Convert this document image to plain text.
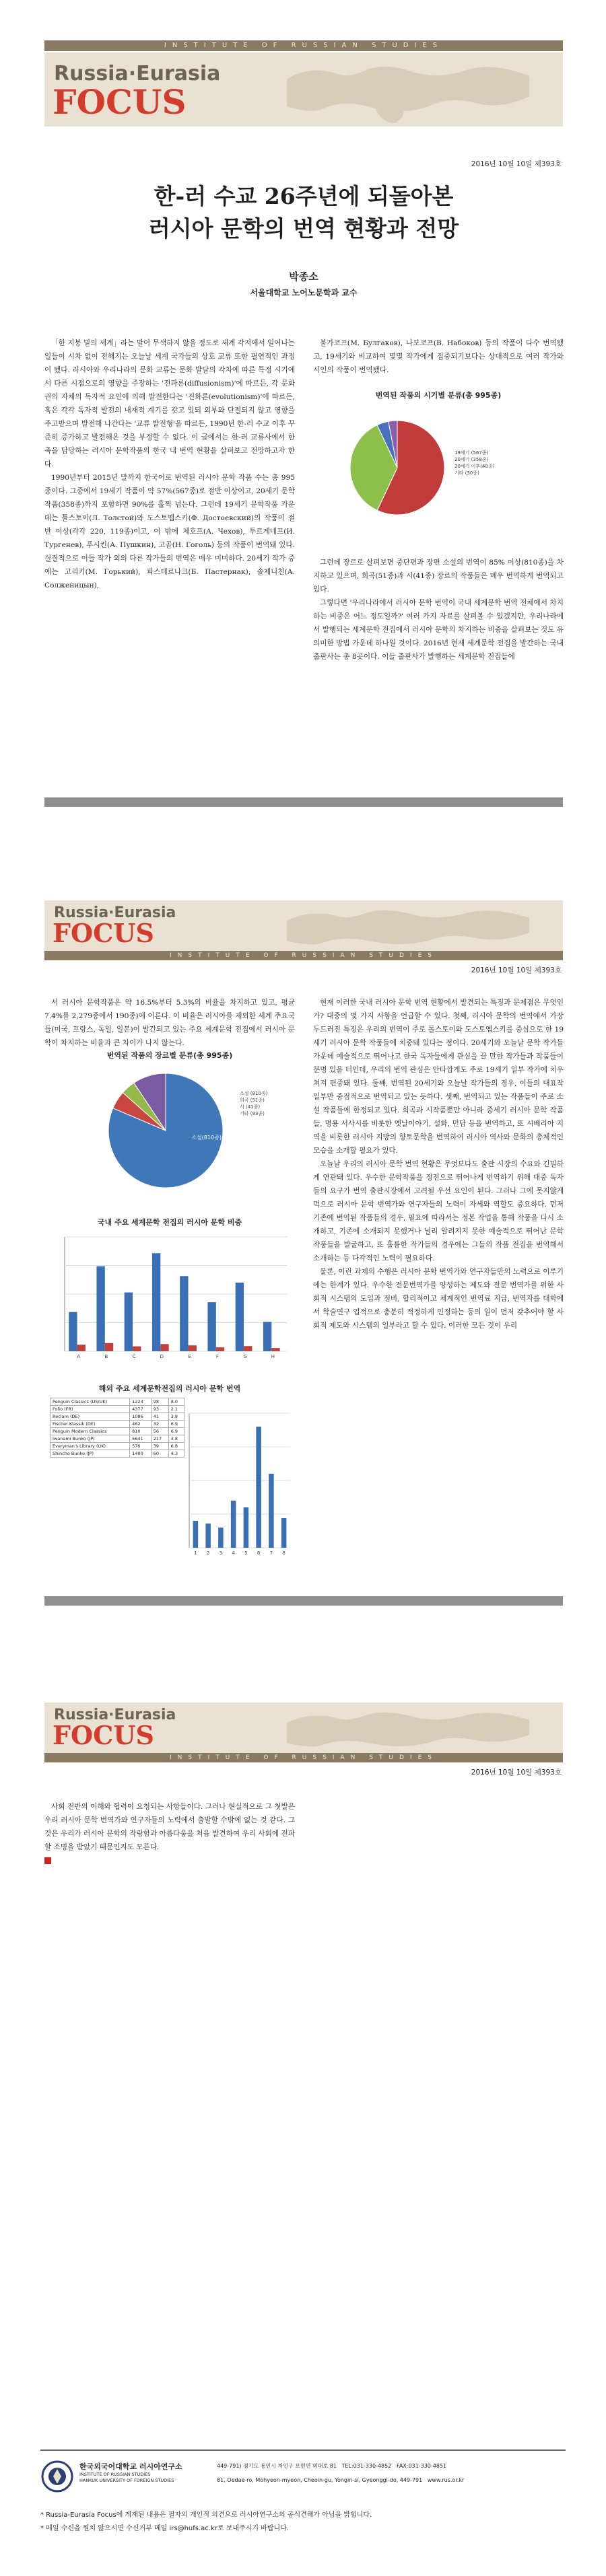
INSTITUTE OF RUSSIAN STUDIES
Russia·Eurasia
FOCUS
2016년 10월 10일 제393호
한-러 수교 26주년에 되돌아본
러시아 문학의 번역 현황과 전망
박종소
서울대학교 노어노문학과 교수

「한 지붕 밑의 세계」라는 말이 무색하지 않을 정도로 세계 각지에서 일어나는 일들이 시차 없이 전해지는 오늘날 세계 국가들의 상호 교류 또한 필연적인 과정이 됐다. 러시아와 우리나라의 문화 교류는 문화 발달의 각차에 따른 특정 시기에서 다른 시점으로의 영향을 주장하는 '전파론(diffusionism)'에 따르든, 각 문화권의 자체의 독자적 요인에 의해 발전한다는 '진화론(evolutionism)'에 따르든, 혹은 각각 독자적 발전의 내재적 계기를 갖고 있되 외부와 단절되지 않고 영향을 주고받으며 발전해 나간다는 '교류 발전형'을 따르든, 1990년 한-러 수교 이후 꾸준히 증가하고 발전해온 것을 부정할 수 없다. 이 글에서는 한-러 교류사에서 한 축을 담당하는 러시아 문학작품의 한국 내 번역 현황을 살펴보고 전망하고자 한다.

1990년부터 2015년 말까지 한국어로 번역된 러시아 문학 작품 수는 총 995종이다. 그중에서 19세기 작품이 약 57%(567종)로 절반 이상이고, 20세기 문학 작품(358종)까지 포함하면 90%를 훌쩍 넘는다. 그런데 19세기 문학작품 가운데는 톨스토이(Л. Толстой)와 도스토옙스키(Ф. Достоевский)의 작품이 절반 이상(각각 220, 119종)이고, 이 밖에 체호프(А. Чехов), 투르게네프(И. Тургенев), 푸시킨(А. Пушкин), 고골(Н. Гоголь) 등의 작품이 번역돼 있다. 실질적으로 이들 작가 외의 다른 작가들의 번역은 매우 미미하다. 20세기 작가 중에는 고리키(М. Горький), 파스테르나크(Б. Пастернак), 솔제니친(А. Солженицын),

불가코프(М. Булгаков), 나보코프(В. Набоков) 등의 작품이 다수 번역됐고, 19세기와 비교하여 몇몇 작가에게 집중되기보다는 상대적으로 여러 작가와 시인의 작품이 번역됐다.

번역된 작품의 시기별 분류(총 995종)
19세기 (567종)
20세기 (358종)
20세기 이후(40종)
기타 (30종)

그런데 장르로 살펴보면 중단편과 장편 소설의 번역이 85% 이상(810종)을 차지하고 있으며, 희곡(51종)과 시(41종) 장르의 작품들은 매우 번역하게 번역되고 있다.

그렇다면 '우리나라에서 러시아 문학 번역이 국내 세계문학 번역 전체에서 차지하는 비중은 어느 정도일까?' 여러 가지 자료를 살펴볼 수 있겠지만, 우리나라에서 발행되는 세계문학 전집에서 러시아 문학의 차지하는 비중을 살펴보는 것도 유의미한 방법 가운데 하나일 것이다. 2016년 현재 세계문학 전집을 발간하는 국내 출판사는 총 8곳이다. 이들 출판사가 발행하는 세계문학 전집들에

Russia·Eurasia
FOCUS
INSTITUTE OF RUSSIAN STUDIES
2016년 10월 10일 제393호

서 러시아 문학작품은 약 16.5%부터 5.3%의 비율을 차지하고 있고, 평균 7.4%를 2,279종에서 190종)에 이른다. 이 비율은 러시아를 제외한 세계 주요국들(미국, 프랑스, 독일, 일본)이 발간되고 있는 주요 세계문학 전집에서 러시아 문학이 차지하는 비율과 큰 차이가 나지 않는다.

번역된 작품의 장르별 분류(총 995종)
소설(810종)
소설 (810종)
희곡 (51종)
시 (41종)
기타 (93종)
국내 주요 세계문학 전집의 러시아 문학 비중
A	B	C	D	E	F	G	H
해외 주요 세계문학전집의 러시아 문학 번역
Penguin Classics (US/UK)	1224	98	8.0
Folio (FR)	4377	93	2.1
Reclam (DE)	1086	41	3.8
Fischer Klassik (DE)	462	32	6.9
Penguin Modern Classics	810	56	6.9
Iwanami Bunko (JP)	5641	217	3.8
Everyman's Library (UK)	576	39	6.8
Shincho Bunko (JP)	1400	60	4.3
1 2 3 4 5 6 7 8

현재 이러한 국내 러시아 문학 번역 현황에서 발견되는 특징과 문제점은 무엇인가? 대중의 몇 가지 사항을 언급할 수 있다. 첫째, 러시아 문학의 번역에서 가장 두드러진 특징은 우리의 번역이 주로 톨스토이와 도스토옙스키를 중심으로 한 19세기 러시아 문학 작품들에 치중돼 있다는 점이다. 20세기와 오늘날 문학 작가들 가운데 예술적으로 뛰어나고 한국 독자들에게 관심을 끌 만한 작가들과 작품들이 분명 있을 터인데, 우리의 번역 관심은 안타깝게도 주로 19세기 일부 작가에 치우쳐져 편중돼 있다. 둘째, 번역된 20세기와 오늘날 작가들의 경우, 이들의 대표작 일부만 중점적으로 번역되고 있는 듯하다. 셋째, 번역되고 있는 작품들이 주로 소설 작품들에 한정되고 있다. 희곡과 시작품뿐만 아니라 중세기 러시아 문학 작품들, 명용 서사시를 비롯한 옛날이야기, 설화, 민담 등을 번역하고, 또 시베리아 지역을 비롯한 러시아 지방의 향토문학을 번역하여 러시아 역사와 문화의 총체적인 모습을 소개할 필요가 있다.

오늘날 우리의 러시아 문학 번역 현황은 무엇보다도 출판 시장의 수요와 긴밀하게 연관돼 있다. 우수한 문학작품을 정전으로 뛰어나게 번역하기 위해 대중 독자들의 요구가 번역 출판시장에서 고려될 우선 요인이 된다. 그러나 그에 못지않게 먹으로 러시아 문학 번역가와 연구자들의 노력이 자세와 역할도 중요하다. 먼저 기존에 번역된 작품들의 경우, 필요에 따라서는 정본 작업을 통해 작품을 다시 소개하고, 기존에 소개되지 못했거나 널리 알려지지 못한 예술적으로 뛰어난 문학 작품들을 발굴하고, 또 훌륭한 작가들의 경우에는 그들의 작품 전집을 번역해서 소개하는 등 다각적인 노력이 필요하다.

물론, 이런 과제의 수행은 러시아 문학 번역가와 연구자들만의 노력으로 이루기에는 한계가 있다. 우수한 전문번역가를 양성하는 제도와 전문 번역가를 위한 사회적 시스템의 도입과 정비, 합리적이고 체계적인 번역료 지급, 번역자를 대학에서 학술연구 업적으로 충분히 적정하게 인정하는 등의 일이 먼저 갖추어야 할 사회적 제도와 시스템의 일부라고 할 수 있다. 이러한 모든 것이 우리

Russia·Eurasia
FOCUS
INSTITUTE OF RUSSIAN STUDIES
2016년 10월 10일 제393호

사회 전반의 이해와 협력이 요청되는 사항들이다. 그러나 현실적으로 그 첫발은 우리 러시아 문학 번역가와 연구자들의 노력에서 출발할 수밖에 없는 것 같다. 그것은 우리가 러시아 문학의 작랑함과 아름다움을 처음 발견하여 우리 사회에 전파할 소명을 받았기 때문인지도 모른다.

한국외국어대학교 러시아연구소
INSTITUTE OF RUSSIAN STUDIES
HANKUK UNIVERSITY OF FOREIGN STUDIES
449-791) 경기도 용인시 처인구 모현면 외대로 81 TEL:031-330-4852 FAX:031-330-4851
81, Oedae-ro, Mohyeon-myeon, Cheoin-gu, Yongin-si, Gyeonggi-do, 449-791 www.rus.or.kr
* Russia-Eurasia Focus에 게재된 내용은 필자의 개인적 의견으로 러시아연구소의 공식견해가 아님을 밝힙니다.
* 메일 수신을 원치 않으시면 수신거부 메일 irs@hufs.ac.kr로 보내주시기 바랍니다.
